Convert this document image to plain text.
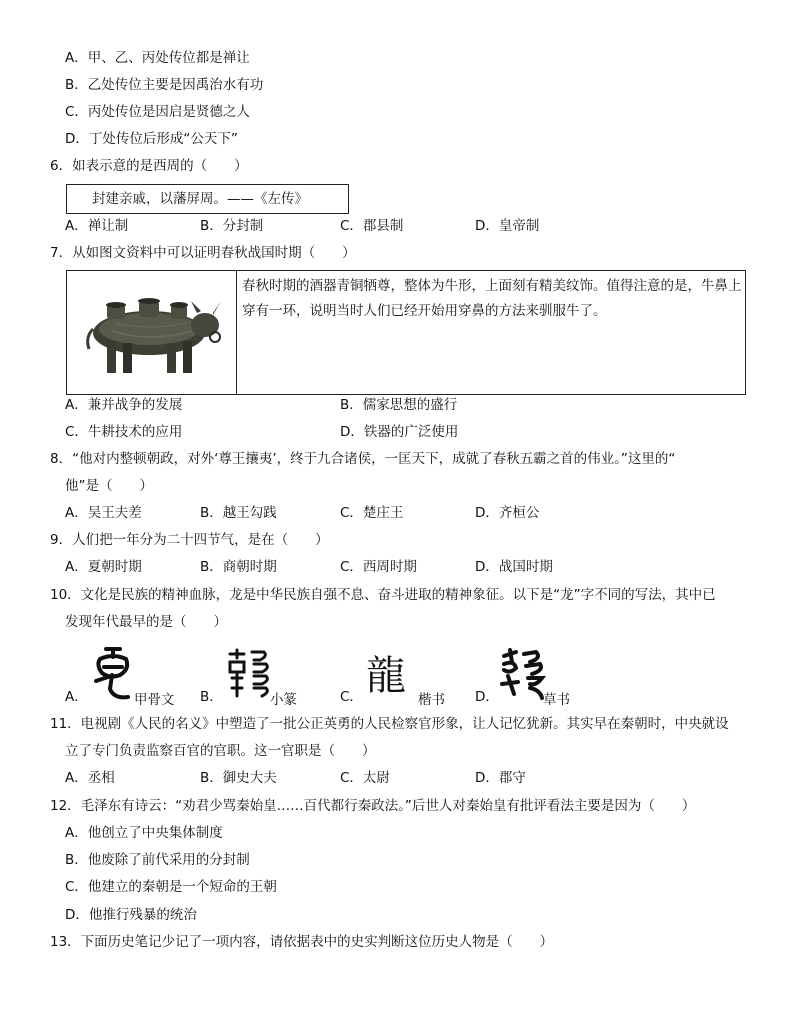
A．甲、乙、丙处传位都是禅让
B．乙处传位主要是因禹治水有功
C．丙处传位是因启是贤德之人
D．丁处传位后形成“公天下”
6．如表示意的是西周的（　　）
封建亲戚，以藩屏周。——《左传》
A．禅让制	B．分封制	C．郡县制	D．皇帝制
7．从如图文资料中可以证明春秋战国时期（　　）
春秋时期的酒器青铜牺尊，整体为牛形，上面刻有精美纹饰。值得注意的是，牛鼻上穿有一环，说明当时人们已经开始用穿鼻的方法来驯服牛了。
A．兼并战争的发展	B．儒家思想的盛行
C．牛耕技术的应用	D．铁器的广泛使用
8．“他对内整顿朝政，对外‘尊王攘夷’，终于九合诸侯，一匡天下，成就了春秋五霸之首的伟业。”这里的“
他”是（　　）
A．吴王夫差	B．越王勾践	C．楚庄王	D．齐桓公
9．人们把一年分为二十四节气，是在（　　）
A．夏朝时期	B．商朝时期	C．西周时期	D．战国时期
10．文化是民族的精神血脉，龙是中华民族自强不息、奋斗进取的精神象征。以下是“龙”字不同的写法，其中已
发现年代最早的是（　　）
A．	甲骨文 B．	小篆	C． 龍
楷书 D．	草书
11．电视剧《人民的名义》中塑造了一批公正英勇的人民检察官形象，让人记忆犹新。其实早在秦朝时，中央就设
立了专门负责监察百官的官职。这一官职是（　　）
A．丞相	B．御史大夫	C．太尉	D．郡守
12．毛泽东有诗云：“劝君少骂秦始皇……百代都行秦政法。”后世人对秦始皇有批评看法主要是因为（　　）
A．他创立了中央集体制度
B．他废除了前代采用的分封制
C．他建立的秦朝是一个短命的王朝
D．他推行残暴的统治
13．下面历史笔记少记了一项内容，请依据表中的史实判断这位历史人物是（　　）
